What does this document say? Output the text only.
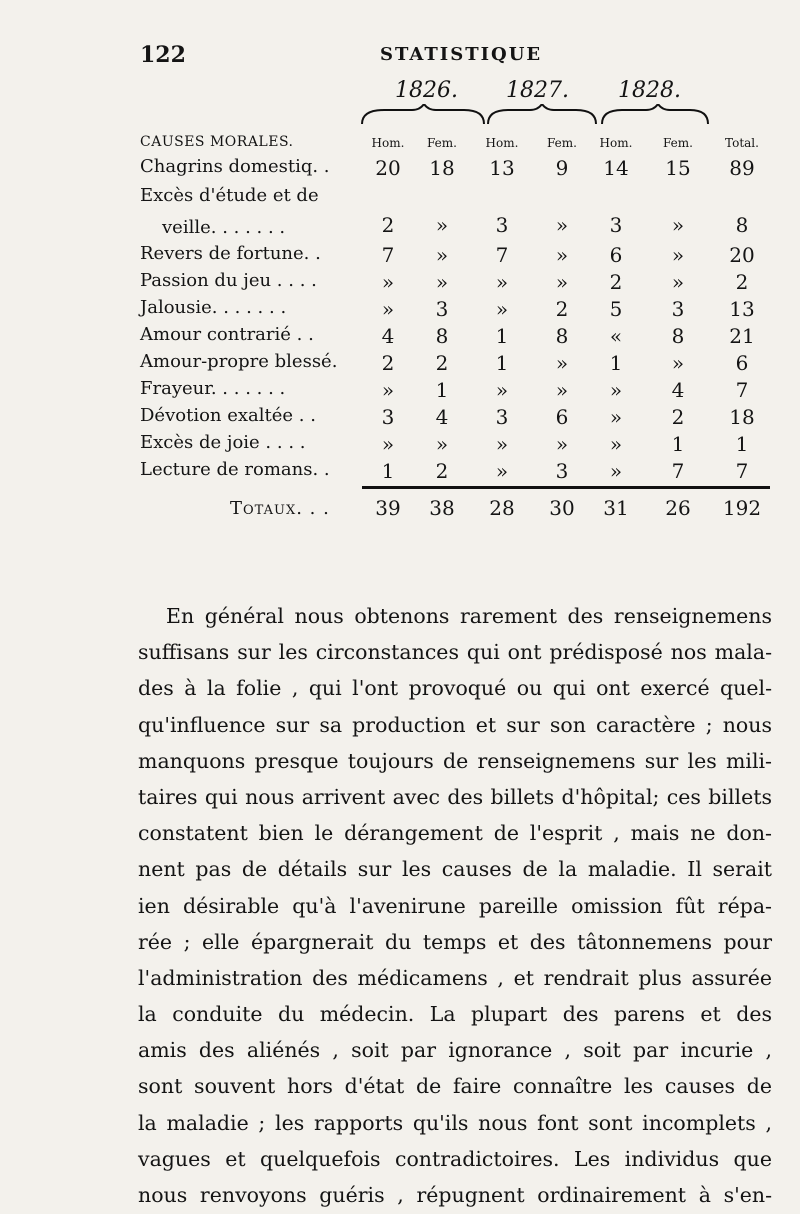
122	STATISTIQUE
1826. 1827. 1828.
CAUSES MORALES.	Hom.	Fem.	Hom.	Fem.	Hom.	Fem.	Total.
Chagrins domestiq. .	20	18	13	9	14	15	89
Excès d'étude et de
veille. . . . . . .	2	»	3	»	3	»	8
Revers de fortune. .	7	»	7	»	6	»	20
Passion du jeu . . . .	»	»	»	»	2	»	2
Jalousie. . . . . . .	»	3	»	2	5	3	13
Amour contrarié . .	4	8	1	8	«	8	21
Amour-propre blessé.	2	2	1	»	1	»	6
Frayeur. . . . . . .	»	1	»	»	»	4	7
Dévotion exaltée . .	3	4	3	6	»	2	18
Excès de joie . . . .	»	»	»	»	»	1	1
Lecture de romans. .	1	2	»	3	»	7	7
Totaux. . .	39	38	28	30	31	26	192
En général nous obtenons rarement des renseignemens
suffisans sur les circonstances qui ont prédisposé nos mala-
des à la folie , qui l'ont provoqué ou qui ont exercé quel-
qu'influence sur sa production et sur son caractère ; nous
manquons presque toujours de renseignemens sur les mili-
taires qui nous arrivent avec des billets d'hôpital; ces billets
constatent bien le dérangement de l'esprit , mais ne don-
nent pas de détails sur les causes de la maladie. Il serait
ien désirable qu'à l'avenirune pareille omission fût répa-
rée ; elle épargnerait du temps et des tâtonnemens pour
l'administration des médicamens , et rendrait plus assurée
la conduite du médecin. La plupart des parens et des
amis des aliénés , soit par ignorance , soit par incurie ,
sont souvent hors d'état de faire connaître les causes de
la maladie ; les rapports qu'ils nous font sont incomplets ,
vagues et quelquefois contradictoires. Les individus que
nous renvoyons guéris , répugnent ordinairement à s'en-
